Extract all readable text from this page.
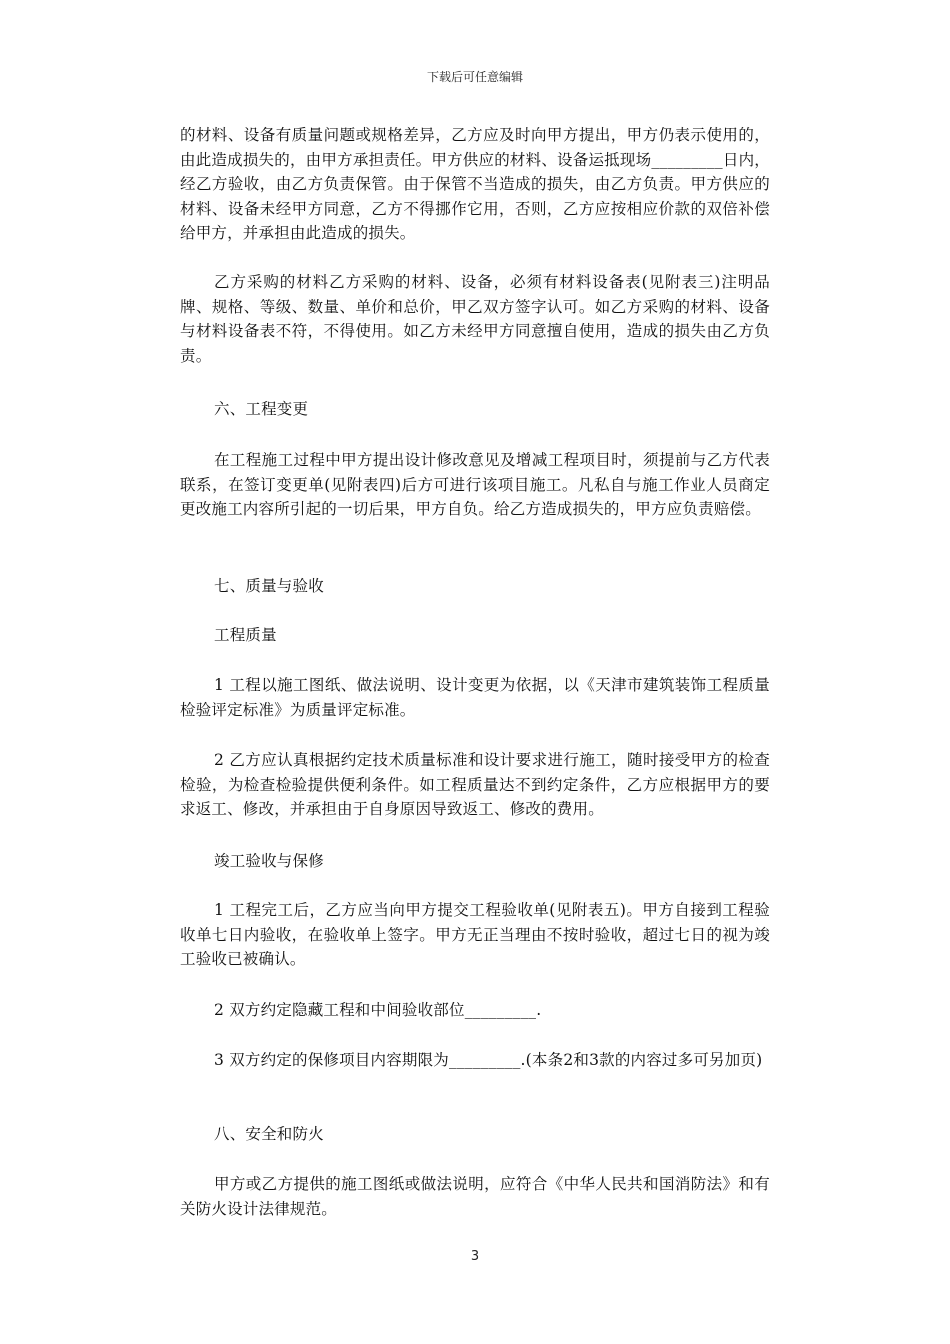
下载后可任意编辑
的材料、设备有质量问题或规格差异，乙方应及时向甲方提出，甲方仍表示使用的，由此造成损失的，由甲方承担责任。甲方供应的材料、设备运抵现场_________日内，经乙方验收，由乙方负责保管。由于保管不当造成的损失，由乙方负责。甲方供应的材料、设备未经甲方同意，乙方不得挪作它用，否则，乙方应按相应价款的双倍补偿给甲方，并承担由此造成的损失。
乙方采购的材料乙方采购的材料、设备，必须有材料设备表(见附表三)注明品牌、规格、等级、数量、单价和总价，甲乙双方签字认可。如乙方采购的材料、设备与材料设备表不符，不得使用。如乙方未经甲方同意擅自使用，造成的损失由乙方负责。
六、工程变更
在工程施工过程中甲方提出设计修改意见及增减工程项目时，须提前与乙方代表联系，在签订变更单(见附表四)后方可进行该项目施工。凡私自与施工作业人员商定更改施工内容所引起的一切后果，甲方自负。给乙方造成损失的，甲方应负责赔偿。
七、质量与验收
工程质量
1 工程以施工图纸、做法说明、设计变更为依据，以《天津市建筑装饰工程质量检验评定标准》为质量评定标准。
2 乙方应认真根据约定技术质量标准和设计要求进行施工，随时接受甲方的检查检验，为检查检验提供便利条件。如工程质量达不到约定条件，乙方应根据甲方的要求返工、修改，并承担由于自身原因导致返工、修改的费用。
竣工验收与保修
1 工程完工后，乙方应当向甲方提交工程验收单(见附表五)。甲方自接到工程验收单七日内验收，在验收单上签字。甲方无正当理由不按时验收，超过七日的视为竣工验收已被确认。
2 双方约定隐藏工程和中间验收部位_________.
3 双方约定的保修项目内容期限为_________.(本条2和3款的内容过多可另加页)
八、安全和防火
甲方或乙方提供的施工图纸或做法说明，应符合《中华人民共和国消防法》和有关防火设计法律规范。
3
